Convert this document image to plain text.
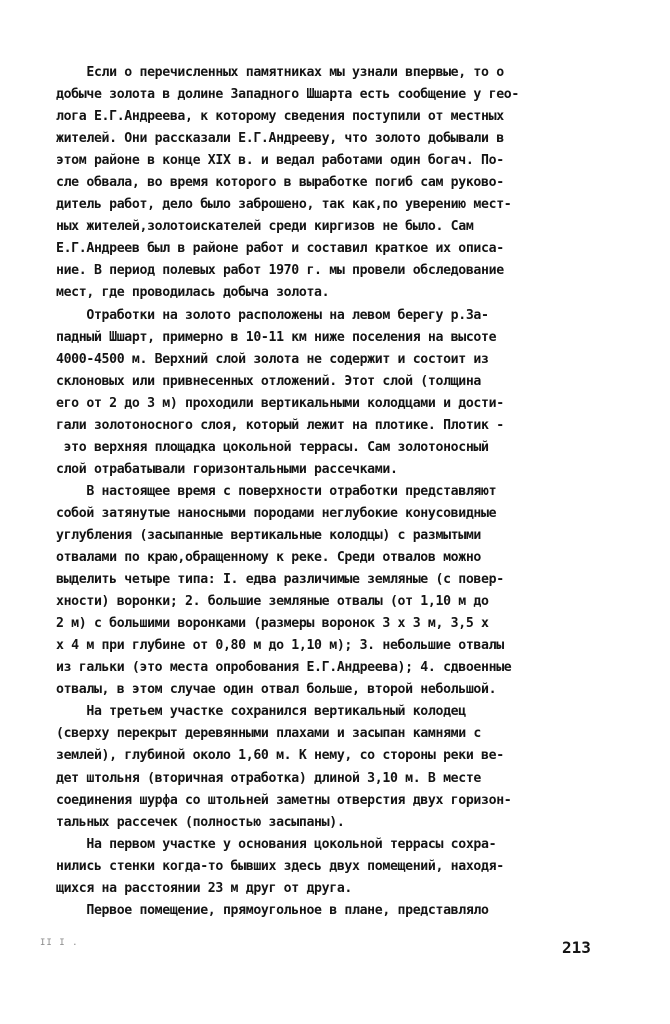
Если о перечисленных памятниках мы узнали впервые, то о
добыче золота в долине Западного Шшарта есть сообщение у гео-
лога Е.Г.Андреева, к которому сведения поступили от местных
жителей. Они рассказали Е.Г.Андрееву, что золото добывали в
этом районе в конце XIX в. и ведал работами один богач. По-
сле обвала, во время которого в выработке погиб сам руково-
дитель работ, дело было заброшено, так как,по уверению мест-
ных жителей,золотоискателей среди киргизов не было. Сам
Е.Г.Андреев был в районе работ и составил краткое их описа-
ние. В период полевых работ 1970 г. мы провели обследование
мест, где проводилась добыча золота.
Отработки на золото расположены на левом берегу р.За-
падный Шшарт, примерно в 10-11 км ниже поселения на высоте
4000-4500 м. Верхний слой золота не содержит и состоит из
склоновых или привнесенных отложений. Этот слой (толщина
его от 2 до 3 м) проходили вертикальными колодцами и дости-
гали золотоносного слоя, который лежит на плотике. Плотик -
это верхняя площадка цокольной террасы. Сам золотоносный
слой отрабатывали горизонтальными рассечками.
В настоящее время с поверхности отработки представляют
собой затянутые наносными породами неглубокие конусовидные
углубления (засыпанные вертикальные колодцы) с размытыми
отвалами по краю,обращенному к реке. Среди отвалов можно
выделить четыре типа: I. едва различимые земляные (с повер-
хности) воронки; 2. большие земляные отвалы (от 1,10 м до
2 м) с большими воронками (размеры воронок 3 х 3 м, 3,5 х
х 4 м при глубине от 0,80 м до 1,10 м); 3. небольшие отвалы
из гальки (это места опробования Е.Г.Андреева); 4. сдвоенные
отвалы, в этом случае один отвал больше, второй небольшой.
На третьем участке сохранился вертикальный колодец
(сверху перекрыт деревянными плахами и засыпан камнями с
землей), глубиной около 1,60 м. К нему, со стороны реки ве-
дет штольня (вторичная отработка) длиной 3,10 м. В месте
соединения шурфа со штольней заметны отверстия двух горизон-
тальных рассечек (полностью засыпаны).
На первом участке у основания цокольной террасы сохра-
нились стенки когда-то бывших здесь двух помещений, находя-
щихся на расстоянии 23 м друг от друга.
Первое помещение, прямоугольное в плане, представляло
II I .	213
